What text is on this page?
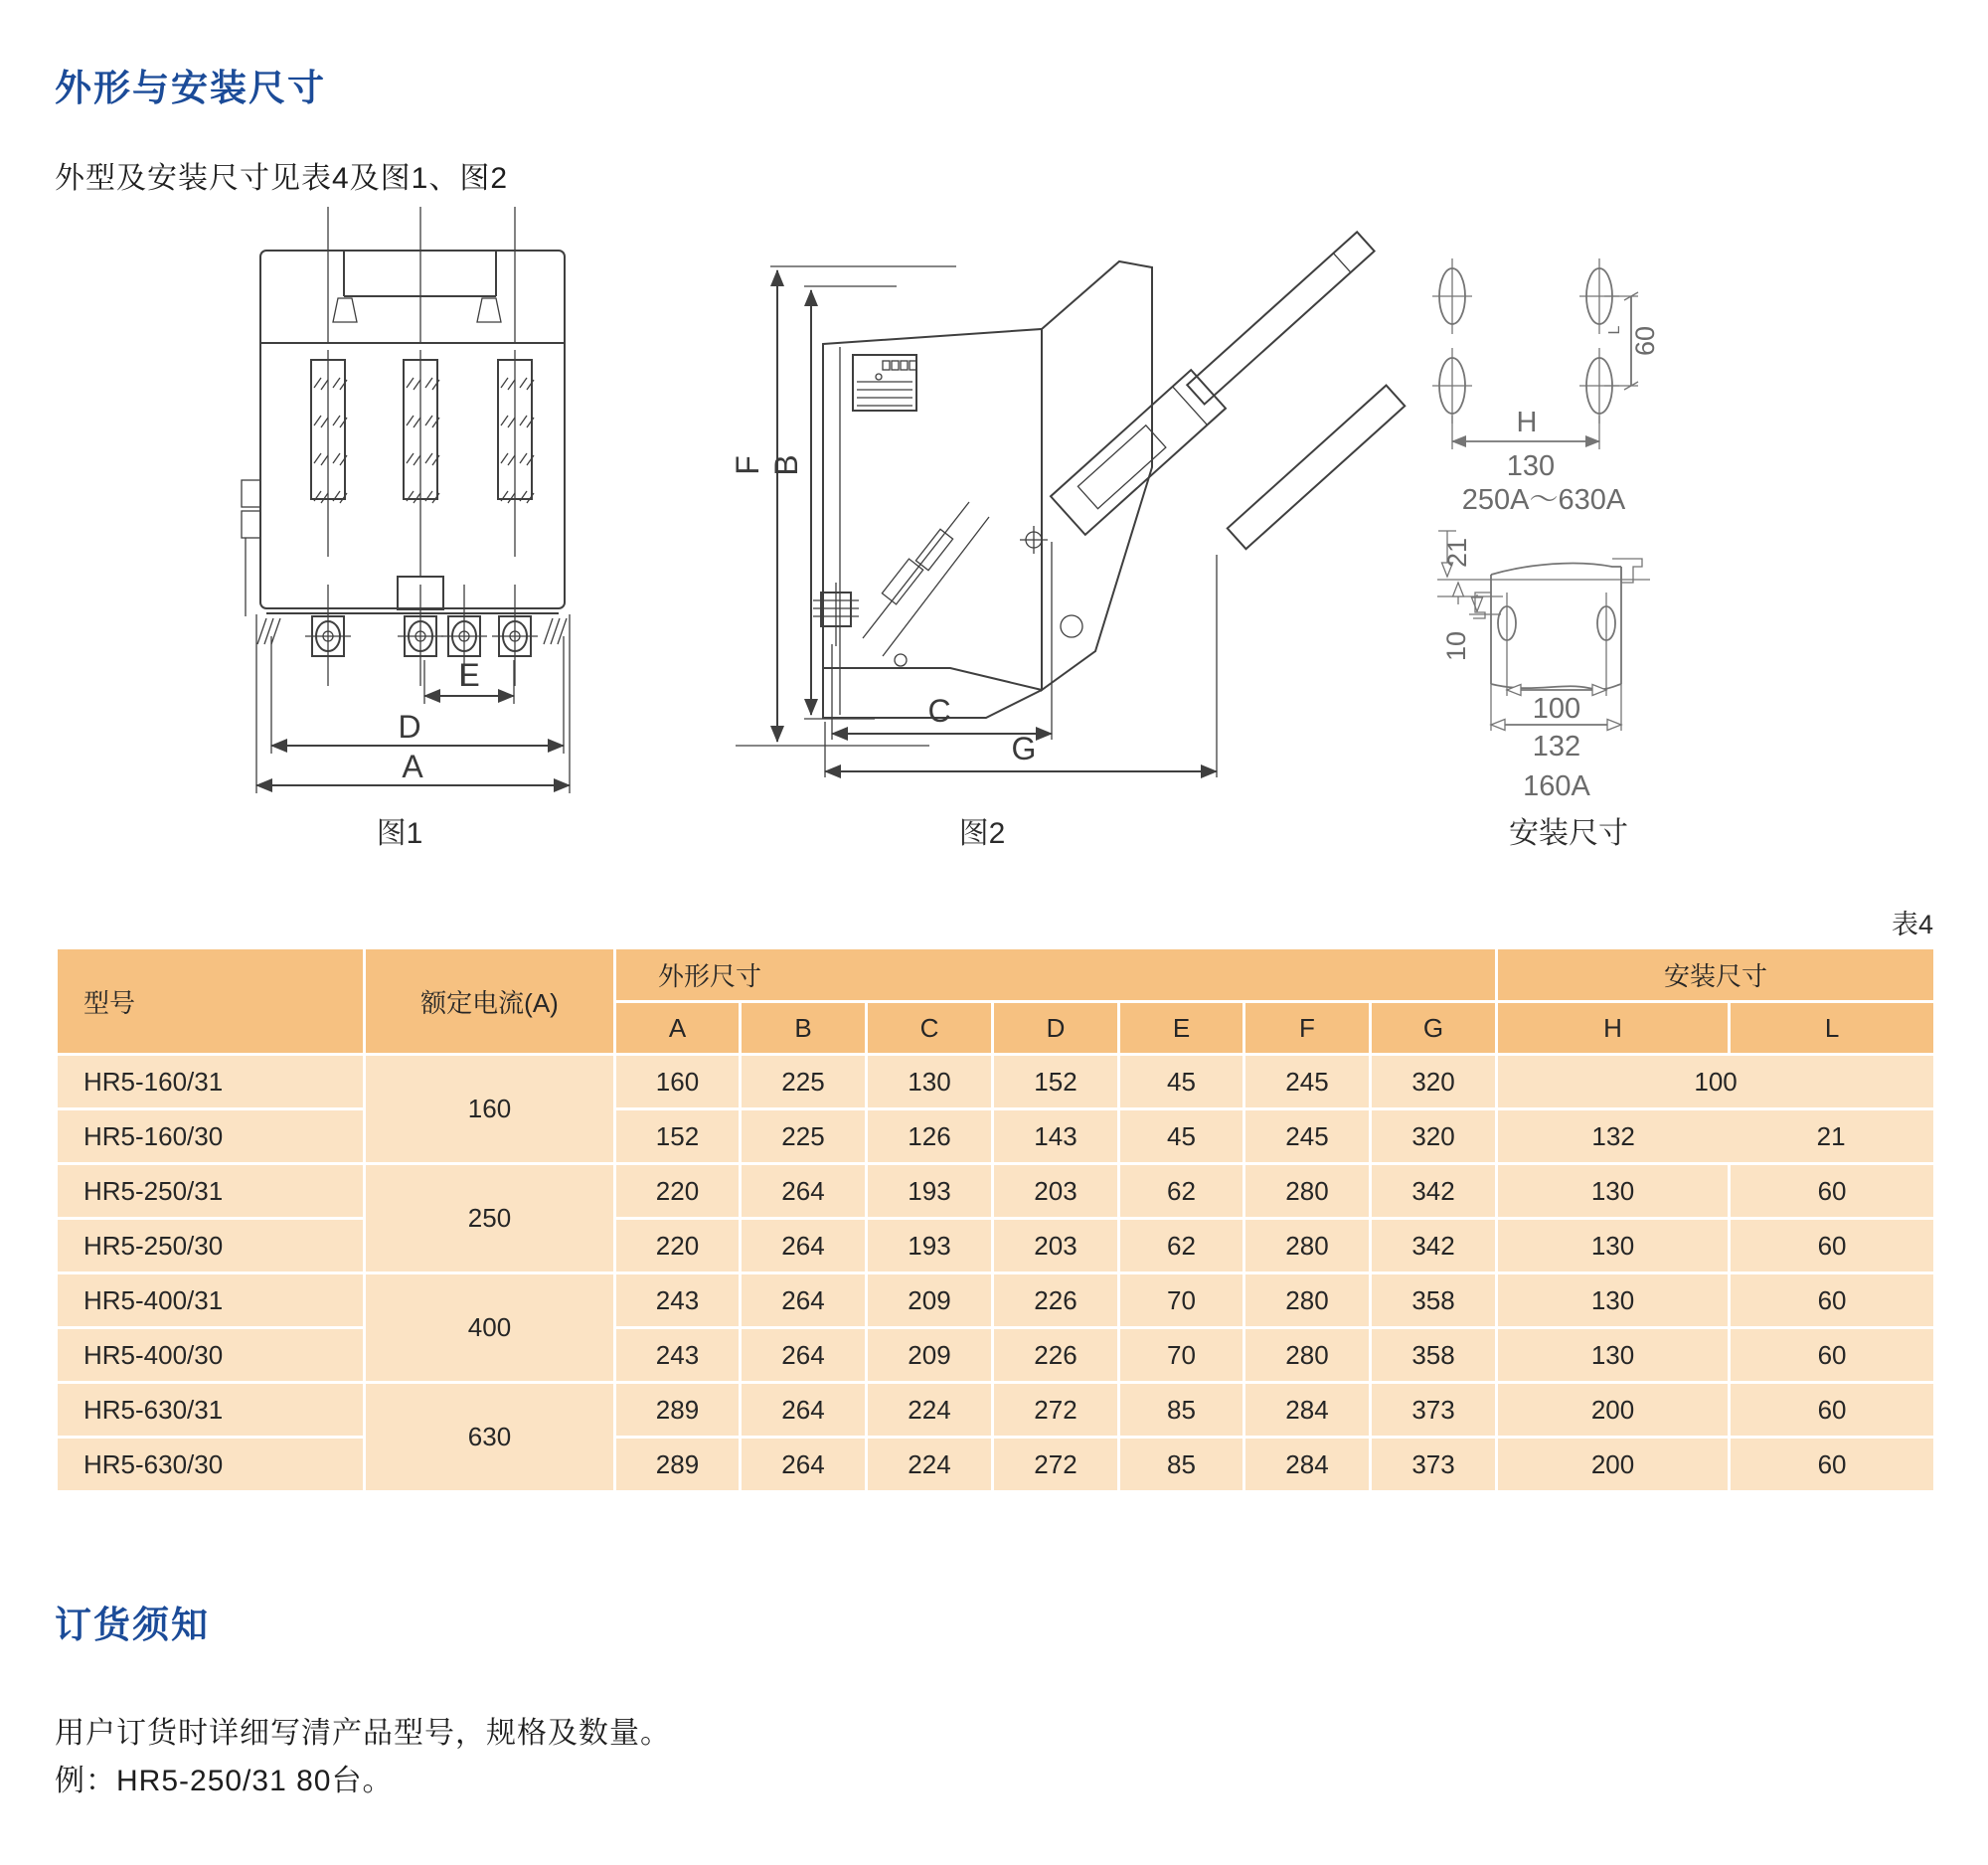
外形与安装尺寸
外型及安装尺寸见表4及图1、图2
E
D
A
图1
F B
C
G
图2
L 60
H
130
250A～630A
21
10
100
132
160A
安装尺寸
表4
型号	额定电流(A)	外形尺寸							安装尺寸	
		A	B	C	D	E	F	G	H	L
HR5-160/31	160	160	225	130	152	45	245	320	100	
HR5-160/30		152	225	126	143	45	245	320	132 21	

HR5-250/31	250	220	264	193	203	62	280	342	130	60
HR5-250/30		220	264	193	203	62	280	342	130	60
HR5-400/31	400	243	264	209	226	70	280	358	130	60
HR5-400/30		243	264	209	226	70	280	358	130	60
HR5-630/31	630	289	264	224	272	85	284	373	200	60
HR5-630/30		289	264	224	272	85	284	373	200	60
订货须知
用户订货时详细写清产品型号，规格及数量。
例：HR5-250/31 80台。
